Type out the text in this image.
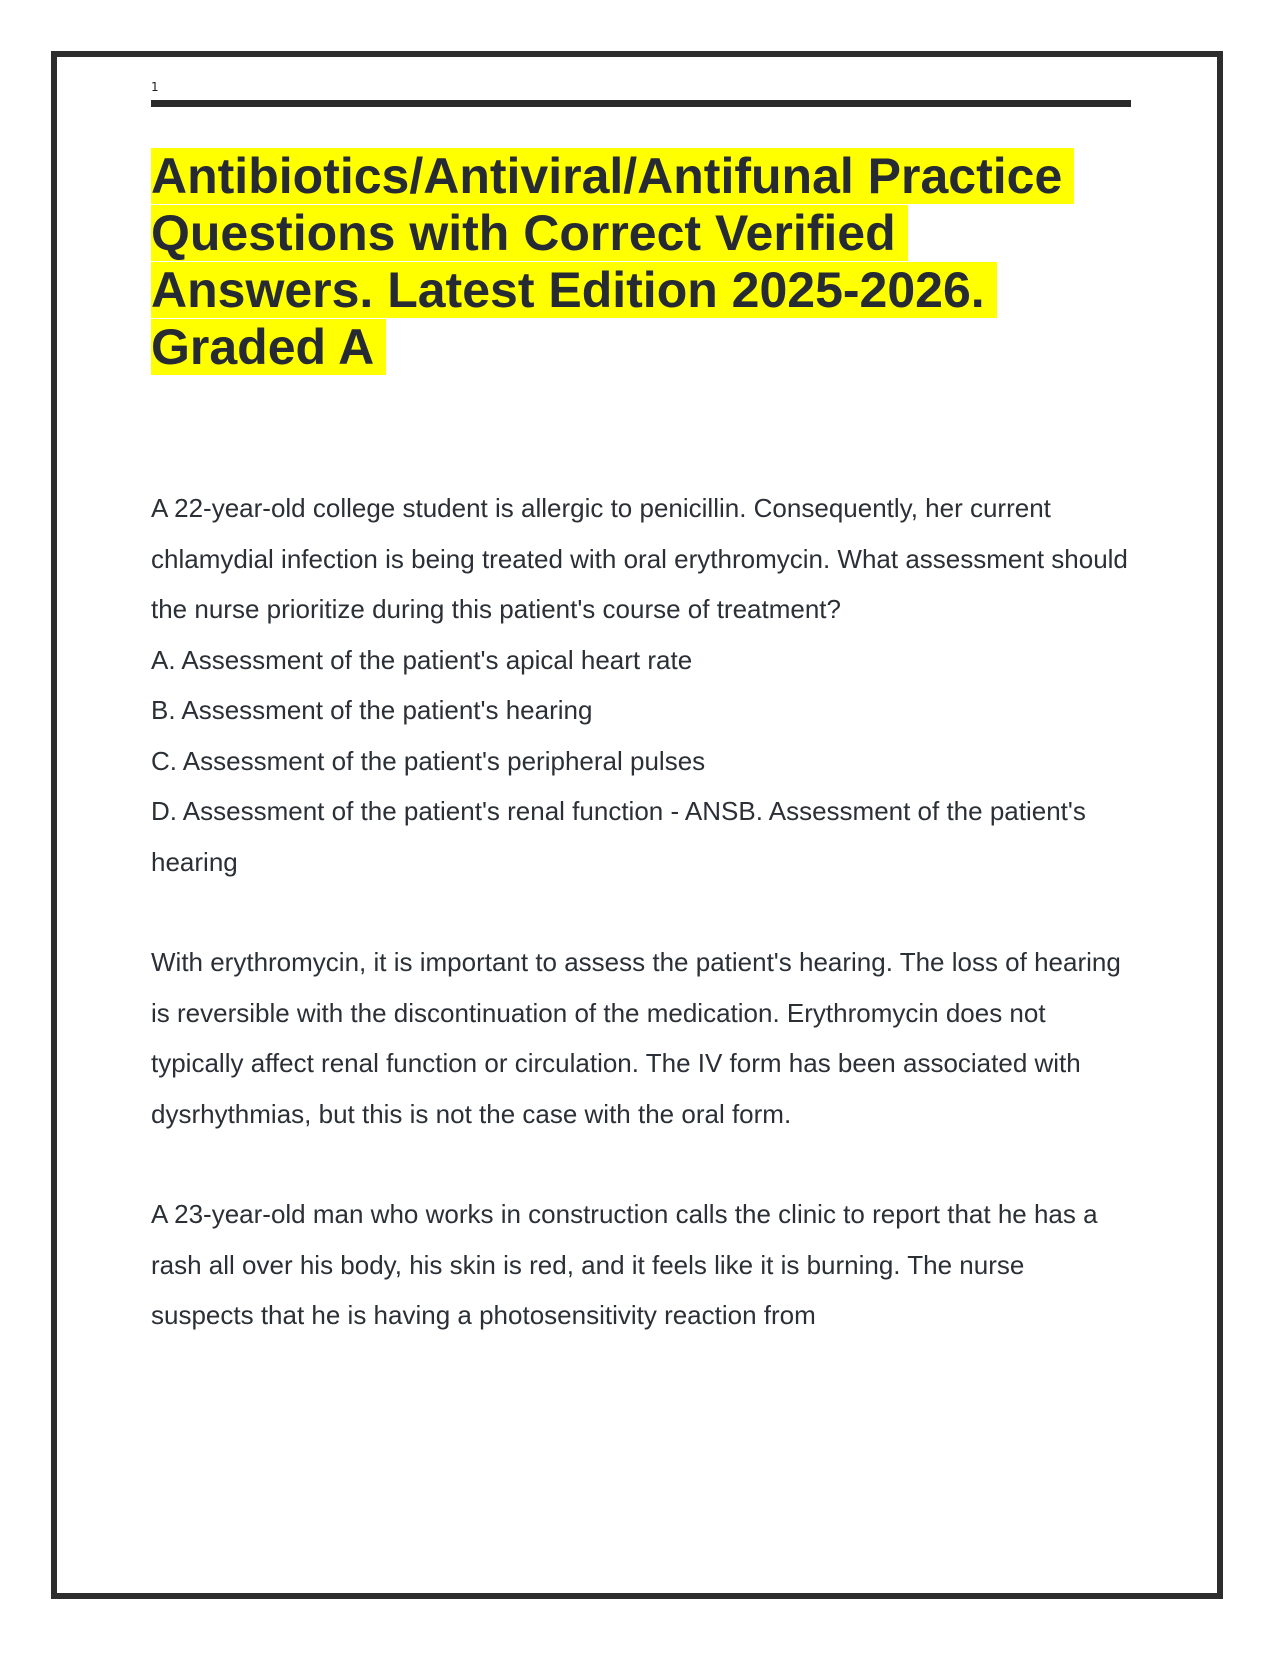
1
Antibiotics/Antiviral/Antifunal Practice Questions with Correct Verified Answers. Latest Edition 2025-2026. Graded A

A 22-year-old college student is allergic to penicillin. Consequently, her current chlamydial infection is being treated with oral erythromycin. What assessment should the nurse prioritize during this patient's course of treatment?

A. Assessment of the patient's apical heart rate

B. Assessment of the patient's hearing

C. Assessment of the patient's peripheral pulses

D. Assessment of the patient's renal function - ANSB. Assessment of the patient's hearing

With erythromycin, it is important to assess the patient's hearing. The loss of hearing is reversible with the discontinuation of the medication. Erythromycin does not typically affect renal function or circulation. The IV form has been associated with dysrhythmias, but this is not the case with the oral form.

A 23-year-old man who works in construction calls the clinic to report that he has a rash all over his body, his skin is red, and it feels like it is burning. The nurse suspects that he is having a photosensitivity reaction from
